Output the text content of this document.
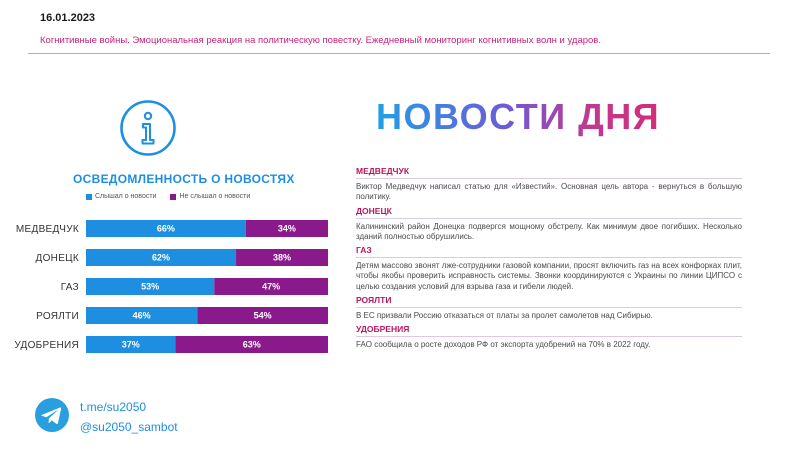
16.01.2023
Когнитивные войны. Эмоциональная реакция на политическую повестку. Ежедневный мониторинг когнитивных волн и ударов.
НОВОСТИ ДНЯ
ОСВЕДОМЛЕННОСТЬ О НОВОСТЯХ
Слышал о новости	Не слышал о новости
МЕДВЕДЧУК	66%	34%
ДОНЕЦК	62%	38%
ГАЗ	53%	47%
РОЯЛТИ	46%	54%
УДОБРЕНИЯ	37%	63%
МЕДВЕДЧУК
Виктор Медведчук написал статью для «Известий». Основная цель автора - вернуться в большую политику.
ДОНЕЦК
Калининский район Донецка подвергся мощному обстрелу. Как минимум двое погибших. Несколько зданий полностью обрушились.
ГАЗ
Детям массово звонят лже-сотрудники газовой компании, просят включить газ на всех конфорках плит, чтобы якобы проверить исправность системы. Звонки координируются с Украины по линии ЦИПСО с целью создания условий для взрыва газа и гибели людей.
РОЯЛТИ
В ЕС призвали Россию отказаться от платы за пролет самолетов над Сибирью.
УДОБРЕНИЯ
FAO сообщила о росте доходов РФ от экспорта удобрений на 70% в 2022 году.
t.me/su2050
@su2050_sambot
